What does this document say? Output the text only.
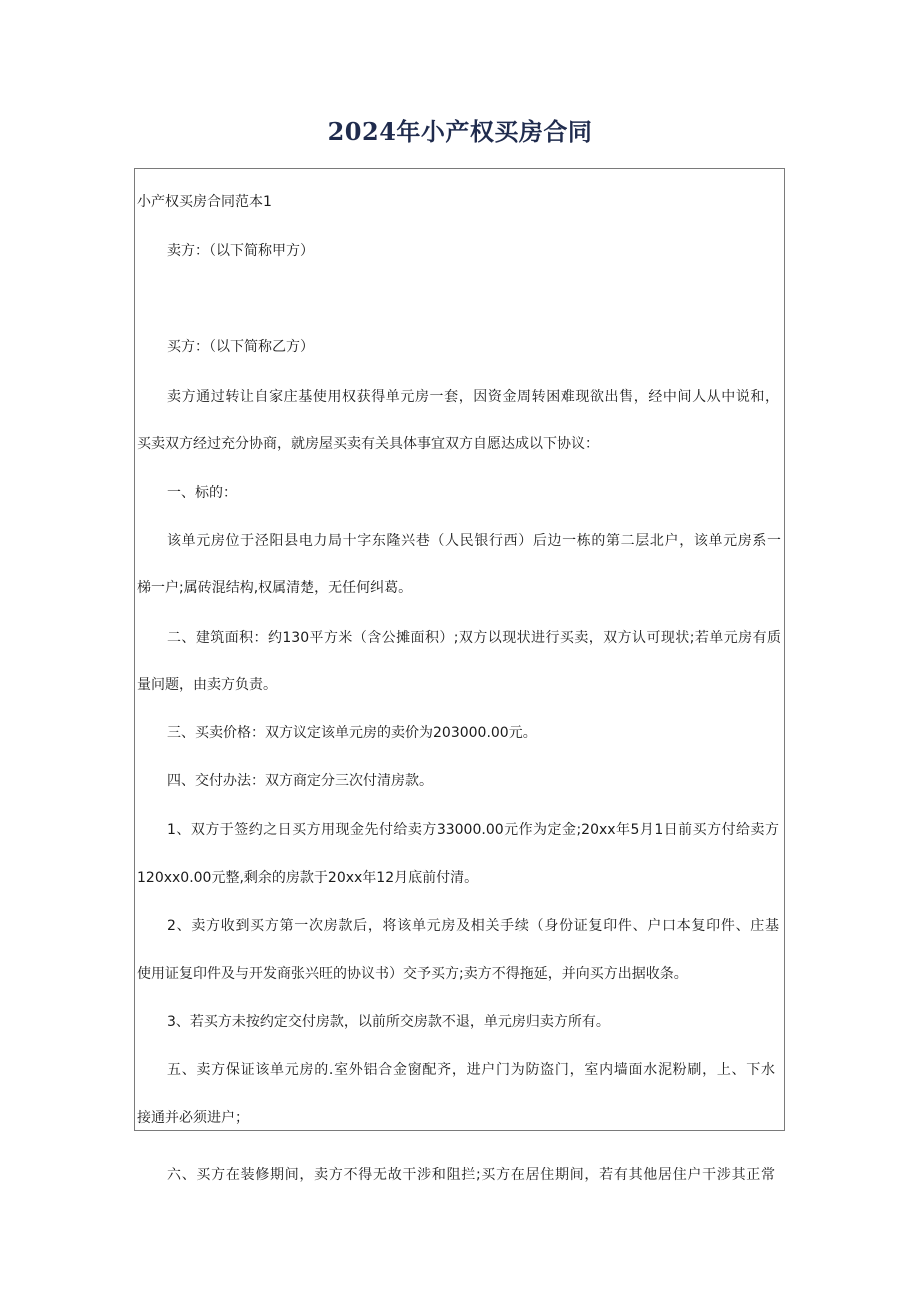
2024年小产权买房合同
小产权买房合同范本1
卖方：（以下简称甲方）
买方：（以下简称乙方）
卖方通过转让自家庄基使用权获得单元房一套，因资金周转困难现欲出售，经中间人从中说和，
买卖双方经过充分协商，就房屋买卖有关具体事宜双方自愿达成以下协议：
一、标的：
该单元房位于泾阳县电力局十字东隆兴巷（人民银行西）后边一栋的第二层北户，该单元房系一
梯一户;属砖混结构,权属清楚，无任何纠葛。
二、建筑面积：约130平方米（含公摊面积）;双方以现状进行买卖，双方认可现状;若单元房有质
量问题，由卖方负责。
三、买卖价格：双方议定该单元房的卖价为203000.00元。
四、交付办法：双方商定分三次付清房款。
1、双方于签约之日买方用现金先付给卖方33000.00元作为定金;20xx年5月1日前买方付给卖方
120xx0.00元整,剩余的房款于20xx年12月底前付清。
2、卖方收到买方第一次房款后，将该单元房及相关手续（身份证复印件、户口本复印件、庄基
使用证复印件及与开发商张兴旺的协议书）交予买方;卖方不得拖延，并向买方出据收条。
3、若买方未按约定交付房款，以前所交房款不退，单元房归卖方所有。
五、卖方保证该单元房的.室外铝合金窗配齐，进户门为防盗门，室内墙面水泥粉刷，上、下水
接通并必须进户；
六、买方在装修期间，卖方不得无故干涉和阻拦;买方在居住期间，若有其他居住户干涉其正常
